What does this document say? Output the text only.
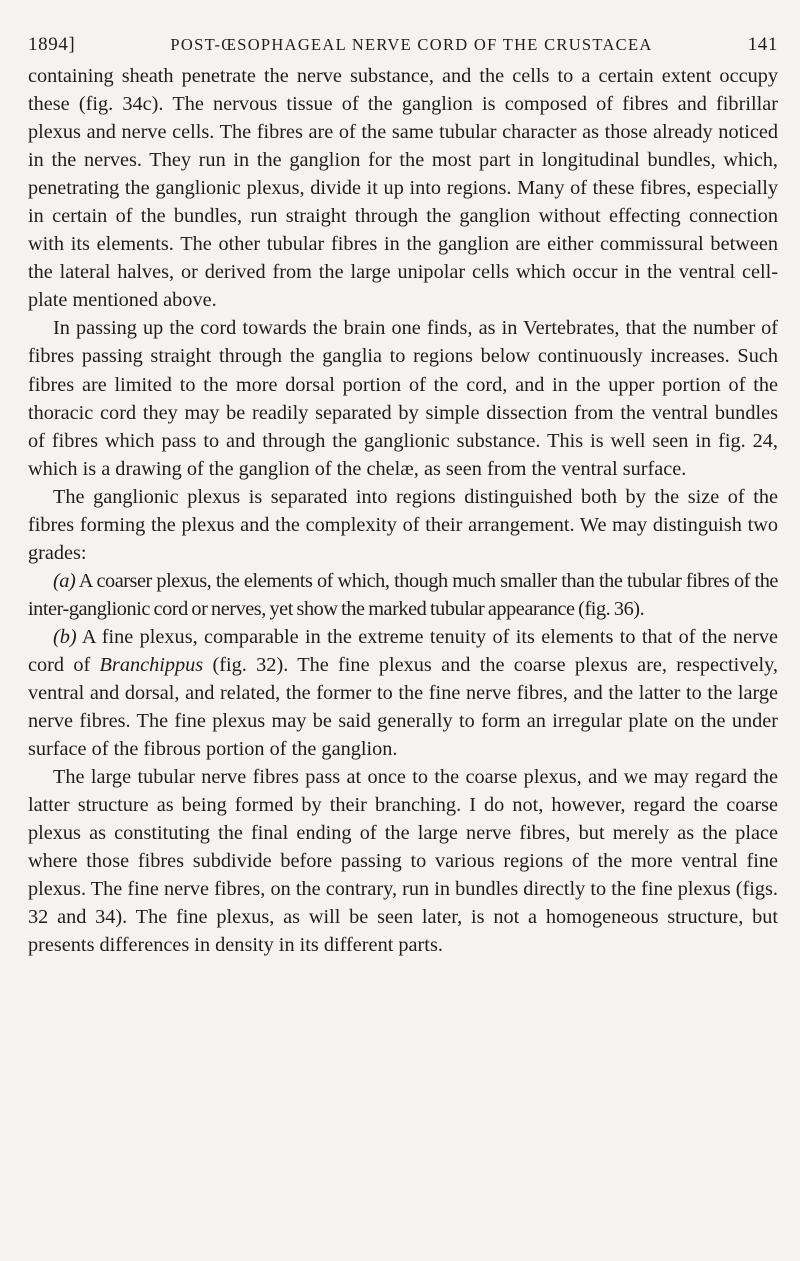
1894]	POST-ŒSOPHAGEAL NERVE CORD OF THE CRUSTACEA	141

containing sheath penetrate the nerve substance, and the cells to a certain extent occupy these (fig. 34c). The nervous tissue of the ganglion is composed of fibres and fibrillar plexus and nerve cells. The fibres are of the same tubular character as those already noticed in the nerves. They run in the ganglion for the most part in longitudinal bundles, which, penetrating the ganglionic plexus, divide it up into regions. Many of these fibres, especially in certain of the bundles, run straight through the ganglion without effecting connection with its elements. The other tubular fibres in the ganglion are either commissural between the lateral halves, or derived from the large unipolar cells which occur in the ventral cell-plate mentioned above.

In passing up the cord towards the brain one finds, as in Vertebrates, that the number of fibres passing straight through the ganglia to regions below continuously increases. Such fibres are limited to the more dorsal portion of the cord, and in the upper portion of the thoracic cord they may be readily separated by simple dissection from the ventral bundles of fibres which pass to and through the ganglionic substance. This is well seen in fig. 24, which is a drawing of the ganglion of the chelæ, as seen from the ventral surface.

The ganglionic plexus is separated into regions distinguished both by the size of the fibres forming the plexus and the complexity of their arrangement. We may distinguish two grades:

(a) A coarser plexus, the elements of which, though much smaller than the tubular fibres of the inter-ganglionic cord or nerves, yet show the marked tubular appearance (fig. 36).

(b) A fine plexus, comparable in the extreme tenuity of its elements to that of the nerve cord of Branchippus (fig. 32). The fine plexus and the coarse plexus are, respectively, ventral and dorsal, and related, the former to the fine nerve fibres, and the latter to the large nerve fibres. The fine plexus may be said generally to form an irregular plate on the under surface of the fibrous portion of the ganglion.

The large tubular nerve fibres pass at once to the coarse plexus, and we may regard the latter structure as being formed by their branching. I do not, however, regard the coarse plexus as constituting the final ending of the large nerve fibres, but merely as the place where those fibres subdivide before passing to various regions of the more ventral fine plexus. The fine nerve fibres, on the contrary, run in bundles directly to the fine plexus (figs. 32 and 34). The fine plexus, as will be seen later, is not a homogeneous structure, but presents differences in density in its different parts.
